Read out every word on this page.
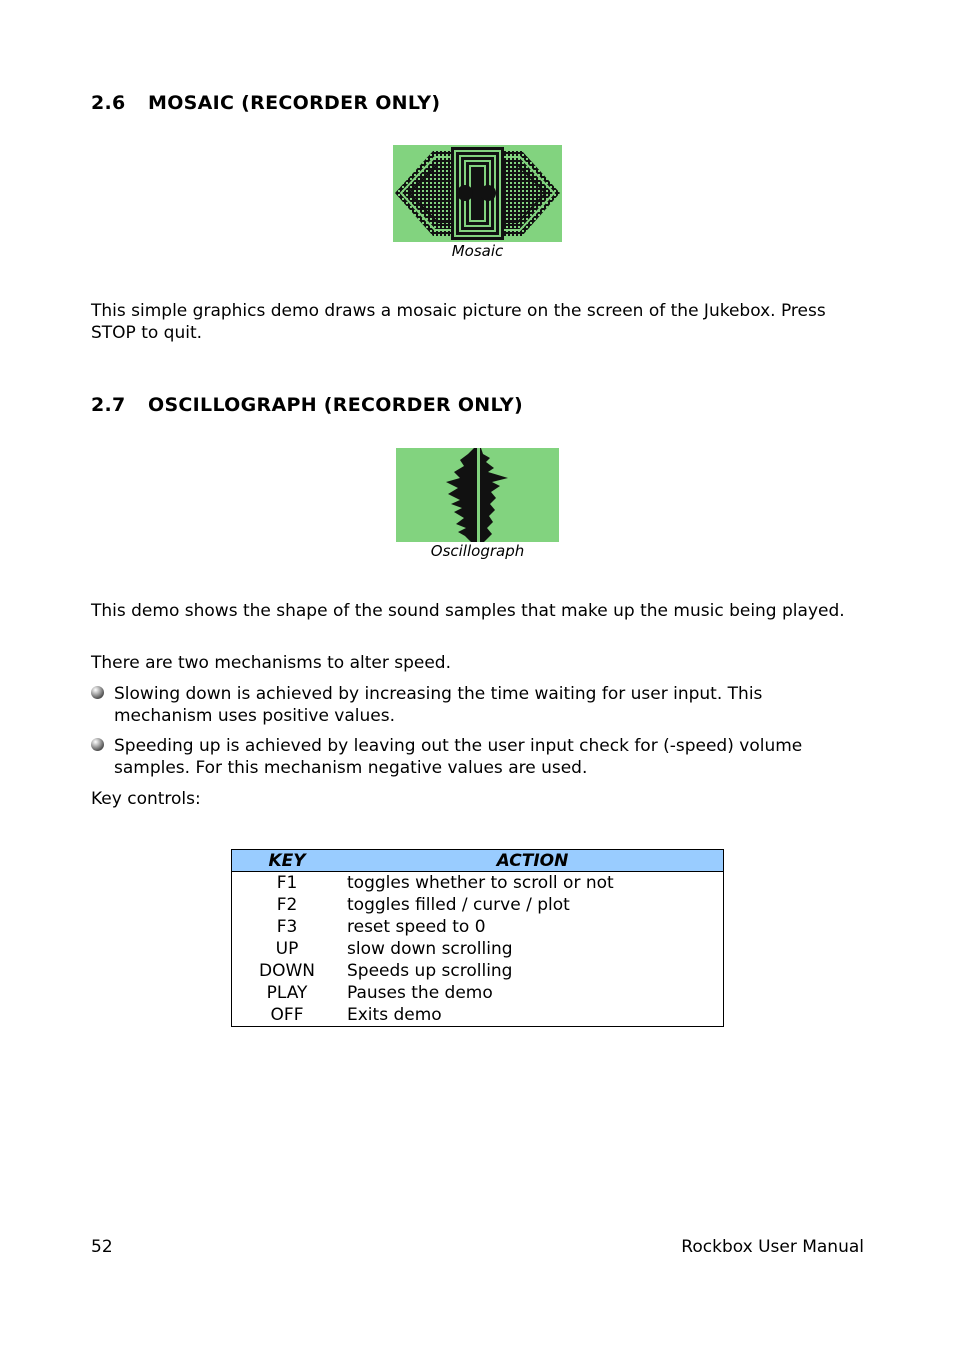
2.6 MOSAIC (RECORDER ONLY)
Mosaic

This simple graphics demo draws a mosaic picture on the screen of the Jukebox. Press STOP to quit.

2.7 OSCILLOGRAPH (RECORDER ONLY)
Oscillograph

This demo shows the shape of the sound samples that make up the music being played.

There are two mechanisms to alter speed.

Slowing down is achieved by increasing the time waiting for user input. This mechanism uses positive values.
Speeding up is achieved by leaving out the user input check for (-speed) volume samples. For this mechanism negative values are used.

Key controls:

KEY	ACTION
F1	toggles whether to scroll or not
F2	toggles filled / curve / plot
F3	reset speed to 0
UP	slow down scrolling
DOWN	Speeds up scrolling
PLAY	Pauses the demo
OFF	Exits demo
52	Rockbox User Manual
